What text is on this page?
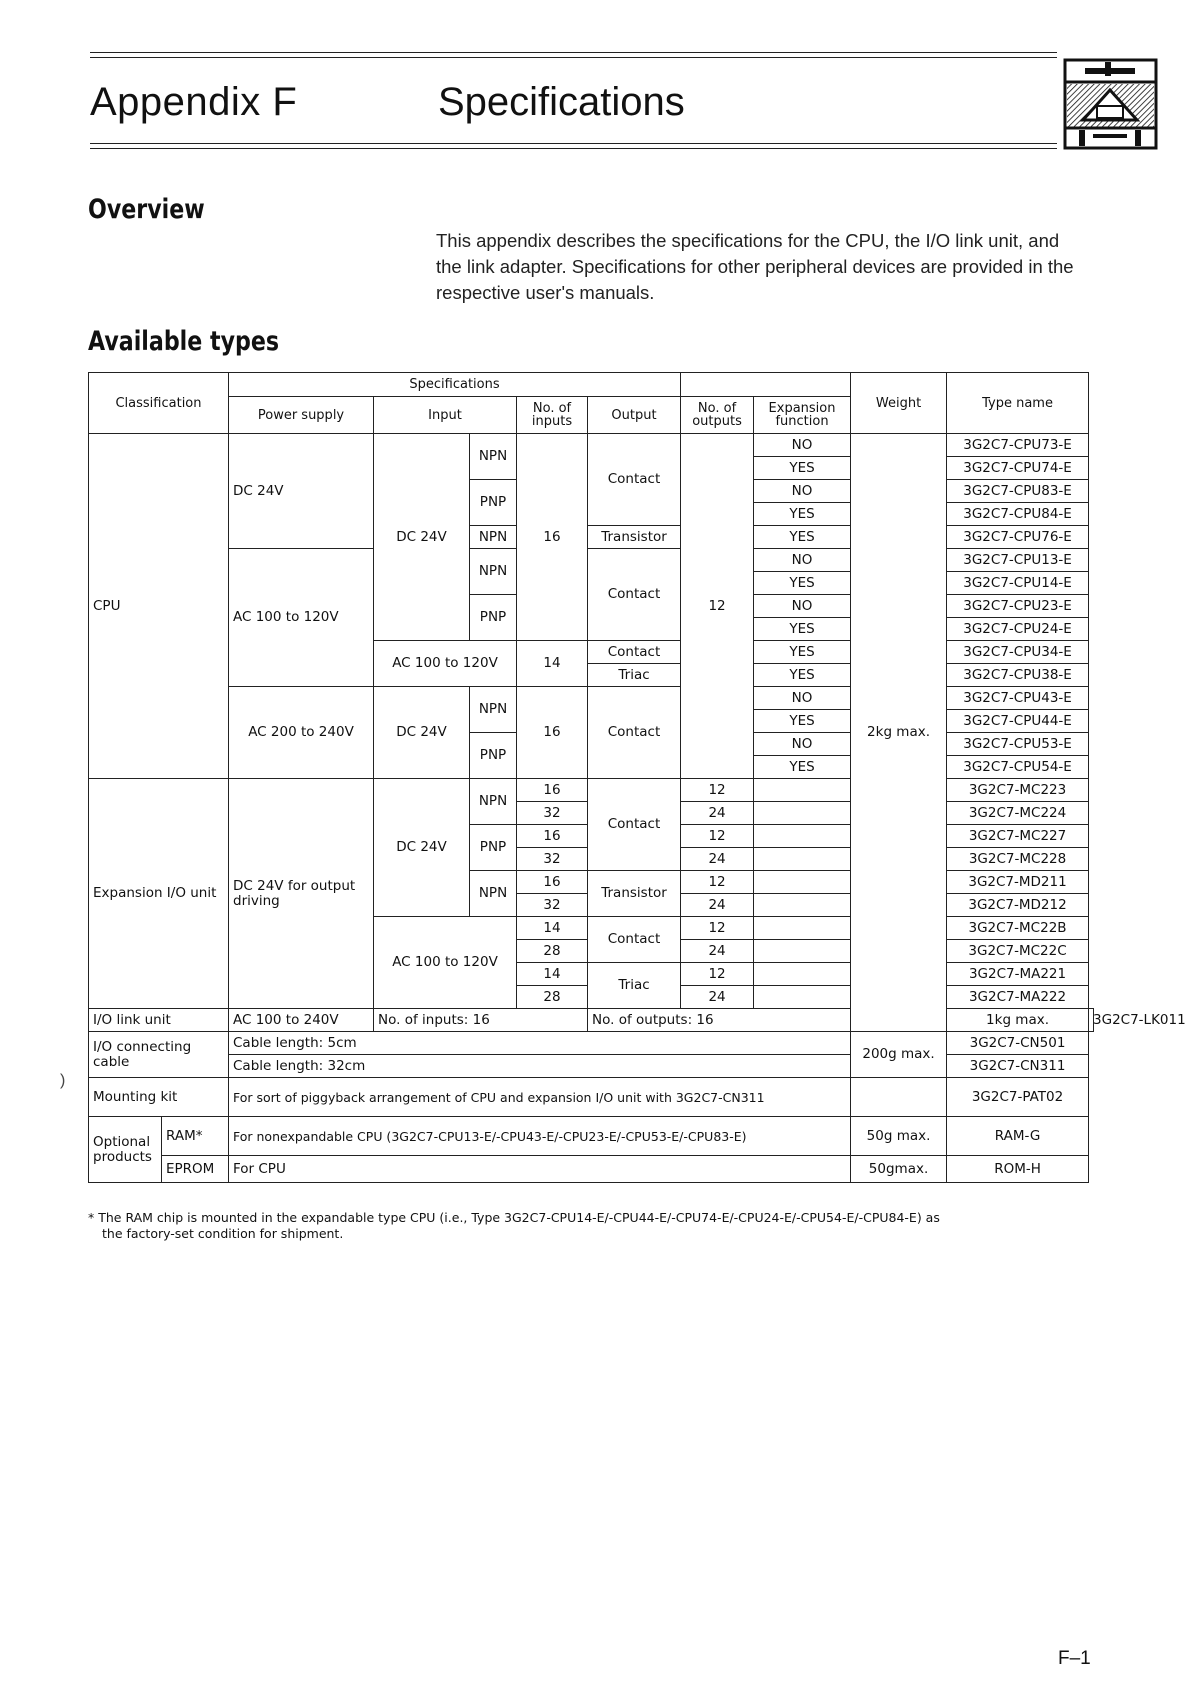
Appendix F	Specifications
Overview
This appendix describes the specifications for the CPU, the I/O link unit, and the link adapter. Specifications for other peripheral devices are provided in the respective user's manuals.
Available types
Classification		Specifications							Weight	Type name	
		Power supply	Input		No. of inputs	Output	No. of outputs	Expansion function			
CPU		DC 24V	DC 24V	NPN	16	Contact	12	NO	2kg max.	3G2C7-CPU73-E	
								YES		3G2C7-CPU74-E	
				PNP				NO		3G2C7-CPU83-E	
								YES		3G2C7-CPU84-E	
				NPN		Transistor		YES		3G2C7-CPU76-E	
		AC 100 to 120V		NPN		Contact		NO		3G2C7-CPU13-E	
								YES		3G2C7-CPU14-E	
				PNP				NO		3G2C7-CPU23-E	
								YES		3G2C7-CPU24-E	
			AC 100 to 120V		14	Contact		YES		3G2C7-CPU34-E	
						Triac		YES		3G2C7-CPU38-E	
		AC 200 to 240V	DC 24V	NPN	16	Contact		NO		3G2C7-CPU43-E	
								YES		3G2C7-CPU44-E	
				PNP				NO		3G2C7-CPU53-E	
								YES		3G2C7-CPU54-E	
Expansion I/O unit		DC 24V for output driving	DC 24V	NPN	16	Contact	12			3G2C7-MC223	
					32		24			3G2C7-MC224	
				PNP	16		12			3G2C7-MC227	
					32		24			3G2C7-MC228	
				NPN	16	Transistor	12			3G2C7-MD211	
					32		24			3G2C7-MD212	
			AC 100 to 120V		14	Contact	12			3G2C7-MC22B	
					28		24			3G2C7-MC22C	
					14	Triac	12			3G2C7-MA221	
					28		24			3G2C7-MA222	
I/O link unit		AC 100 to 240V	No. of inputs: 16			No. of outputs: 16				1kg max.	3G2C7-LK011
I/O connecting cable		Cable length: 5cm							200g max.	3G2C7-CN501	
		Cable length: 32cm								3G2C7-CN311	
Mounting kit		For sort of piggyback arrangement of CPU and expansion I/O unit with 3G2C7-CN311								3G2C7-PAT02	
Optional products	RAM*	For nonexpandable CPU (3G2C7-CPU13-E/-CPU43-E/-CPU23-E/-CPU53-E/-CPU83-E)							50g max.	RAM-G	
	EPROM	For CPU							50gmax.	ROM-H	
* The RAM chip is mounted in the expandable type CPU (i.e., Type 3G2C7-CPU14-E/-CPU44-E/-CPU74-E/-CPU24-E/-CPU54-E/-CPU84-E) as
the factory-set condition for shipment.
)
F–1
